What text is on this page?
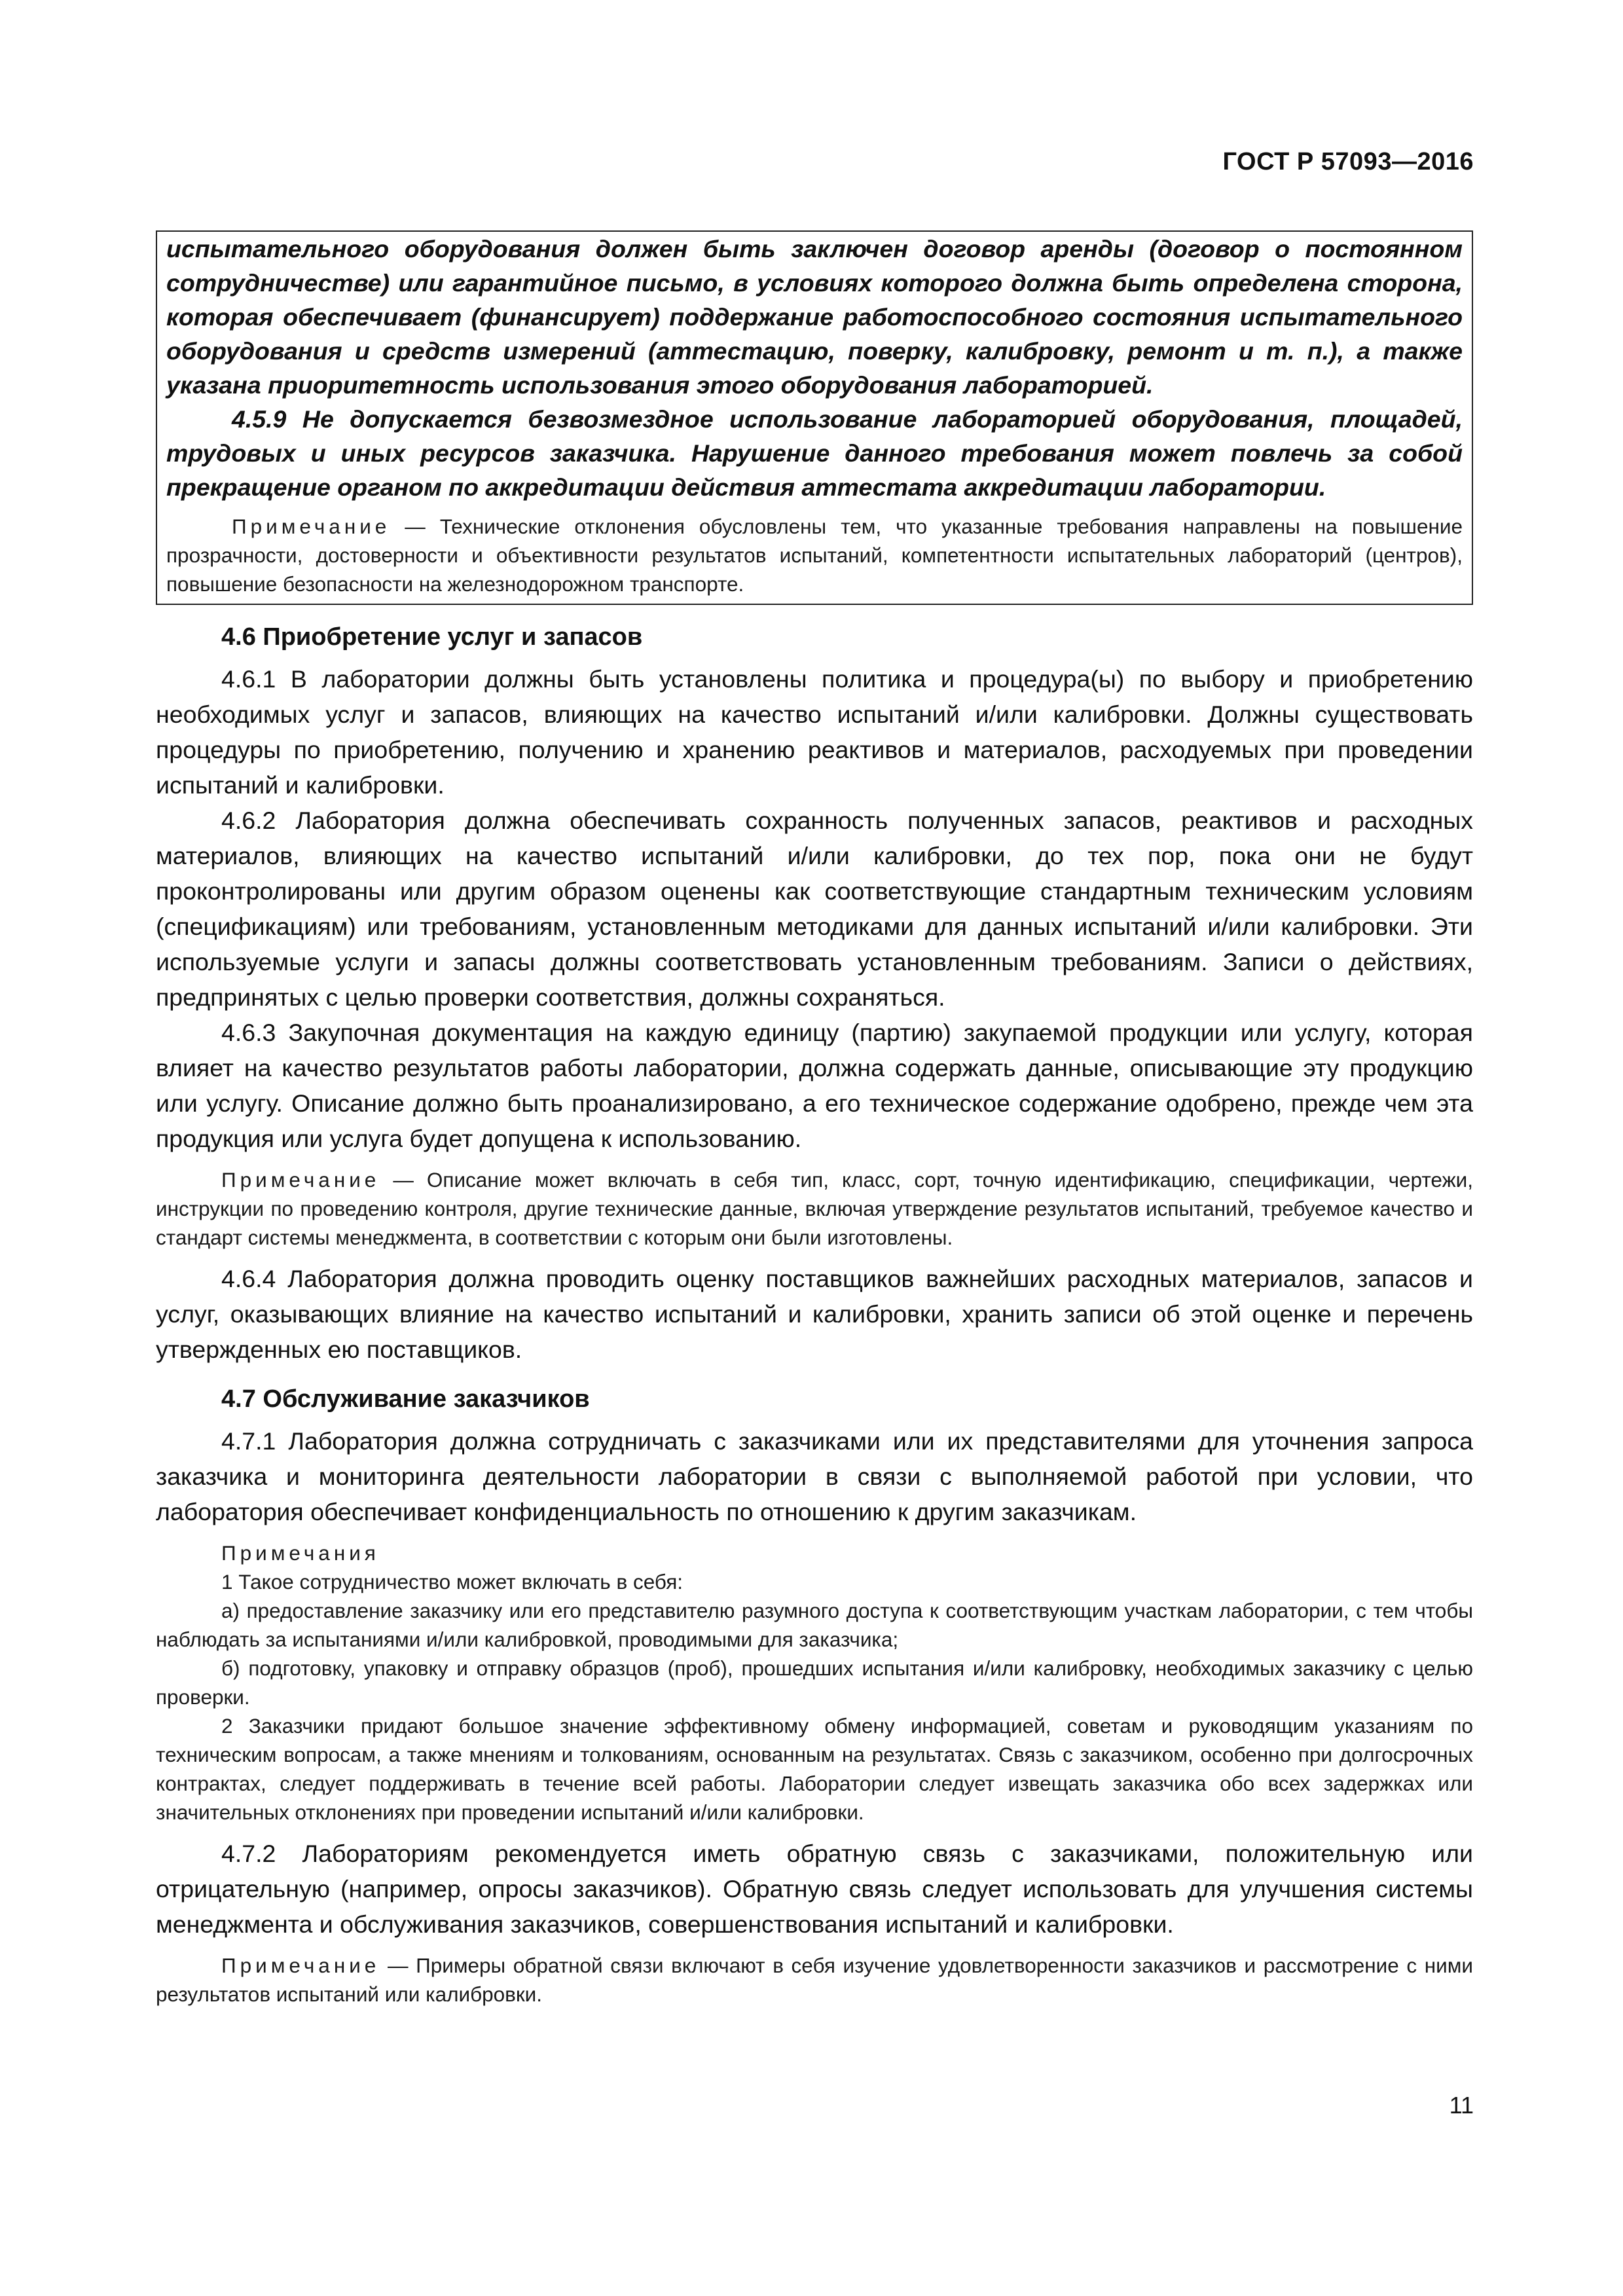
ГОСТ Р 57093—2016

испытательного оборудования должен быть заключен договор аренды (договор о постоянном сотрудничестве) или гарантийное письмо, в условиях которого должна быть определена сторона, которая обеспечивает (финансирует) поддержание работоспособного состояния испытательного оборудования и средств измерений (аттестацию, поверку, калибровку, ремонт и т. п.), а также указана приоритетность использования этого оборудования лабораторией.

4.5.9 Не допускается безвозмездное использование лабораторией оборудования, площадей, трудовых и иных ресурсов заказчика. Нарушение данного требования может повлечь за собой прекращение органом по аккредитации действия аттестата аккредитации лаборатории.

Примечание — Технические отклонения обусловлены тем, что указанные требования направлены на повышение прозрачности, достоверности и объективности результатов испытаний, компетентности испытательных лабораторий (центров), повышение безопасности на железнодорожном транспорте.

4.6 Приобретение услуг и запасов

4.6.1 В лаборатории должны быть установлены политика и процедура(ы) по выбору и приобретению необходимых услуг и запасов, влияющих на качество испытаний и/или калибровки. Должны существовать процедуры по приобретению, получению и хранению реактивов и материалов, расходуемых при проведении испытаний и калибровки.

4.6.2 Лаборатория должна обеспечивать сохранность полученных запасов, реактивов и расходных материалов, влияющих на качество испытаний и/или калибровки, до тех пор, пока они не будут проконтролированы или другим образом оценены как соответствующие стандартным техническим условиям (спецификациям) или требованиям, установленным методиками для данных испытаний и/или калибровки. Эти используемые услуги и запасы должны соответствовать установленным требованиям. Записи о действиях, предпринятых с целью проверки соответствия, должны сохраняться.

4.6.3 Закупочная документация на каждую единицу (партию) закупаемой продукции или услугу, которая влияет на качество результатов работы лаборатории, должна содержать данные, описывающие эту продукцию или услугу. Описание должно быть проанализировано, а его техническое содержание одобрено, прежде чем эта продукция или услуга будет допущена к использованию.

Примечание — Описание может включать в себя тип, класс, сорт, точную идентификацию, спецификации, чертежи, инструкции по проведению контроля, другие технические данные, включая утверждение результатов испытаний, требуемое качество и стандарт системы менеджмента, в соответствии с которым они были изготовлены.

4.6.4 Лаборатория должна проводить оценку поставщиков важнейших расходных материалов, запасов и услуг, оказывающих влияние на качество испытаний и калибровки, хранить записи об этой оценке и перечень утвержденных ею поставщиков.

4.7 Обслуживание заказчиков

4.7.1 Лаборатория должна сотрудничать с заказчиками или их представителями для уточнения запроса заказчика и мониторинга деятельности лаборатории в связи с выполняемой работой при условии, что лаборатория обеспечивает конфиденциальность по отношению к другим заказчикам.

Примечания

1 Такое сотрудничество может включать в себя:

а) предоставление заказчику или его представителю разумного доступа к соответствующим участкам лаборатории, с тем чтобы наблюдать за испытаниями и/или калибровкой, проводимыми для заказчика;

б) подготовку, упаковку и отправку образцов (проб), прошедших испытания и/или калибровку, необходимых заказчику с целью проверки.

2 Заказчики придают большое значение эффективному обмену информацией, советам и руководящим указаниям по техническим вопросам, а также мнениям и толкованиям, основанным на результатах. Связь с заказчиком, особенно при долгосрочных контрактах, следует поддерживать в течение всей работы. Лаборатории следует извещать заказчика обо всех задержках или значительных отклонениях при проведении испытаний и/или калибровки.

4.7.2 Лабораториям рекомендуется иметь обратную связь с заказчиками, положительную или отрицательную (например, опросы заказчиков). Обратную связь следует использовать для улучшения системы менеджмента и обслуживания заказчиков, совершенствования испытаний и калибровки.

Примечание — Примеры обратной связи включают в себя изучение удовлетворенности заказчиков и рассмотрение с ними результатов испытаний или калибровки.

11
